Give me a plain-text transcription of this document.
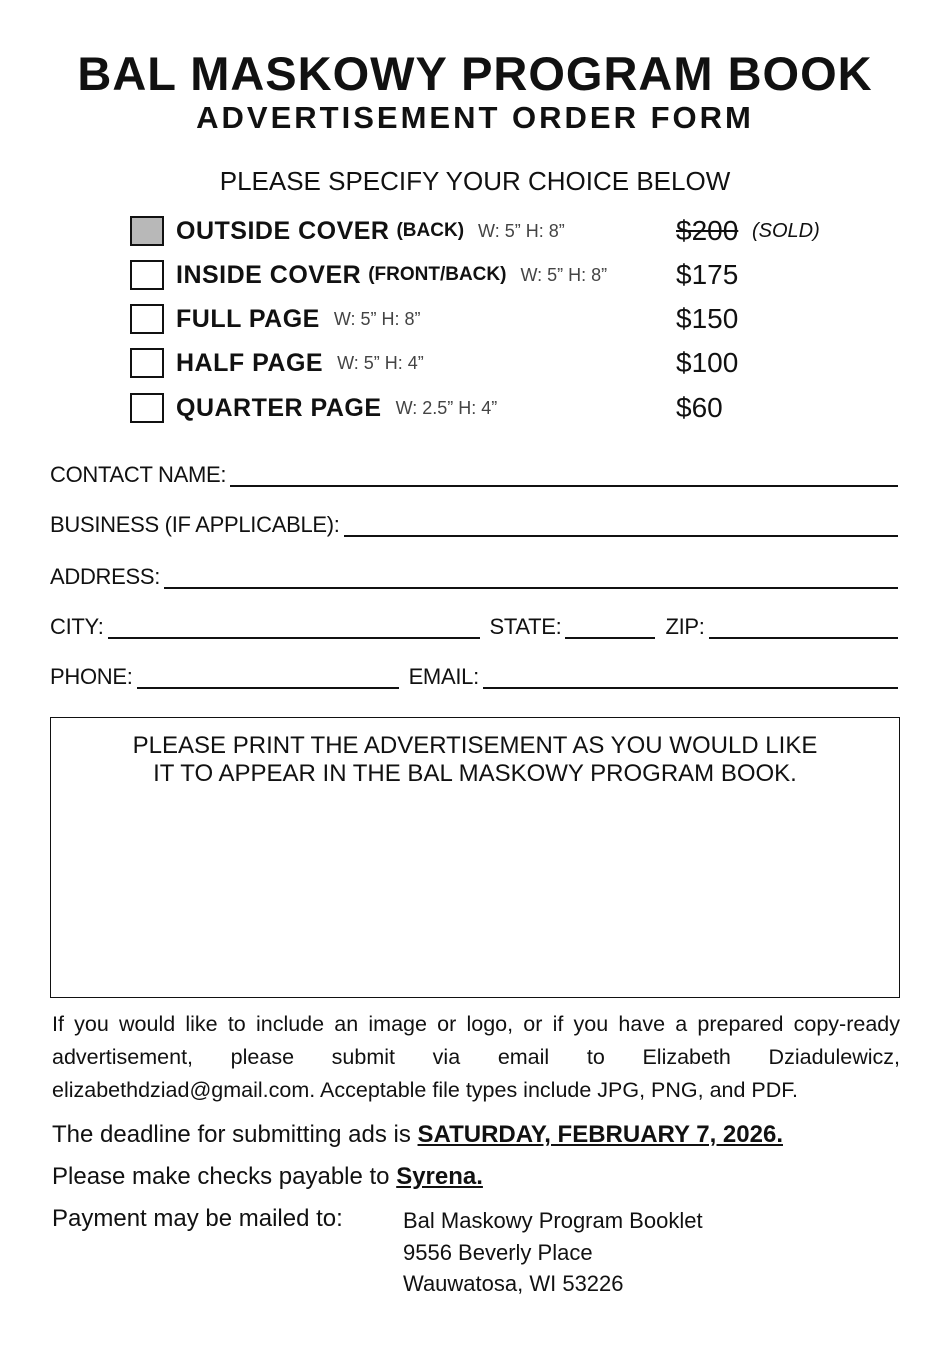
BAL MASKOWY PROGRAM BOOK
ADVERTISEMENT ORDER FORM
PLEASE SPECIFY YOUR CHOICE BELOW
OUTSIDE COVER (BACK) W: 5” H: 8”	$200 (SOLD)
INSIDE COVER (FRONT/BACK) W: 5” H: 8” $175
FULL PAGE W: 5” H: 8”	$150
HALF PAGE W: 5” H: 4”	$100
QUARTER PAGE W: 2.5” H: 4”	$60
CONTACT NAME:
BUSINESS (IF APPLICABLE):
ADDRESS:
CITY:	STATE:	ZIP:
PHONE:	EMAIL:
PLEASE PRINT THE ADVERTISEMENT AS YOU WOULD LIKE
IT TO APPEAR IN THE BAL MASKOWY PROGRAM BOOK.
If you would like to include an image or logo, or if you have a prepared copy-ready advertisement, please submit via email to Elizabeth Dziadulewicz, elizabethdziad@gmail.com. Acceptable file types include JPG, PNG, and PDF.
The deadline for submitting ads is SATURDAY, FEBRUARY 7, 2026.
Please make checks payable to Syrena.
Payment may be mailed to:	Bal Maskowy Program Booklet
9556 Beverly Place
Wauwatosa, WI 53226
